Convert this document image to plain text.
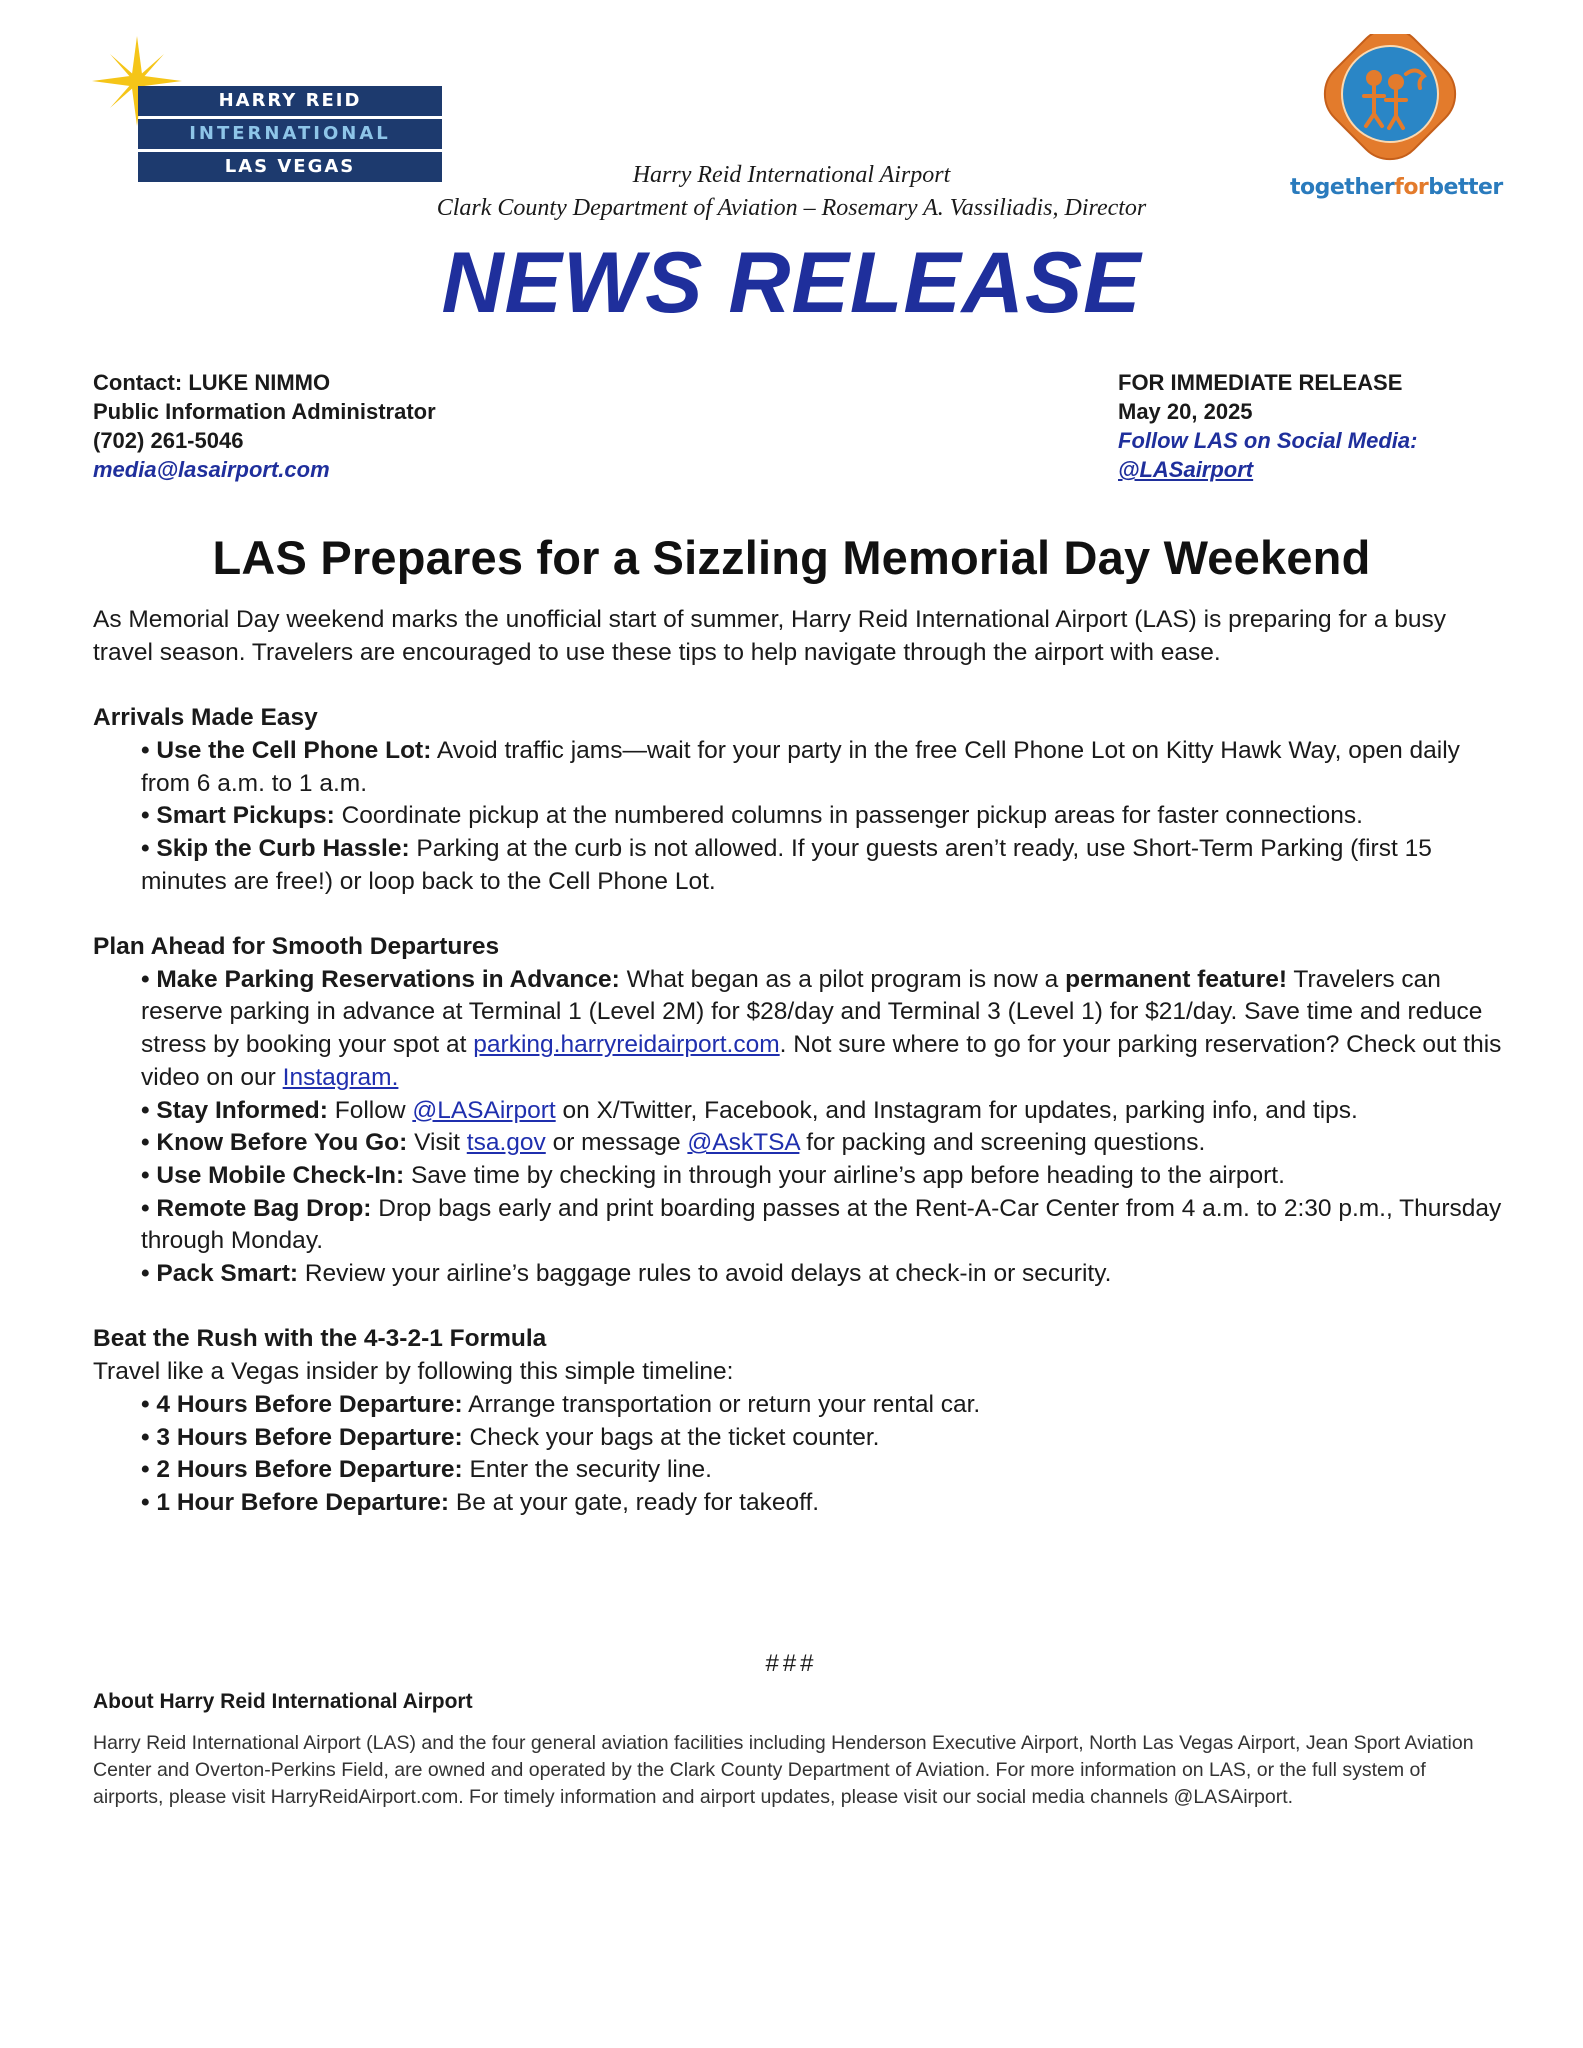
HARRY REID
INTERNATIONAL
LAS VEGAS
togetherforbetter
Harry Reid International Airport
Clark County Department of Aviation – Rosemary A. Vassiliadis, Director
NEWS RELEASE
Contact: LUKE NIMMO
Public Information Administrator
(702) 261-5046
media@lasairport.com
FOR IMMEDIATE RELEASE
May 20, 2025
Follow LAS on Social Media:
@LASairport
LAS Prepares for a Sizzling Memorial Day Weekend

As Memorial Day weekend marks the unofficial start of summer, Harry Reid International Airport (LAS) is preparing for a busy travel season. Travelers are encouraged to use these tips to help navigate through the airport with ease.

Arrivals Made Easy

• Use the Cell Phone Lot: Avoid traffic jams—wait for your party in the free Cell Phone Lot on Kitty Hawk Way, open daily from 6 a.m. to 1 a.m.

• Smart Pickups: Coordinate pickup at the numbered columns in passenger pickup areas for faster connections.

• Skip the Curb Hassle: Parking at the curb is not allowed. If your guests aren’t ready, use Short-Term Parking (first 15 minutes are free!) or loop back to the Cell Phone Lot.

Plan Ahead for Smooth Departures

• Make Parking Reservations in Advance: What began as a pilot program is now a permanent feature! Travelers can reserve parking in advance at Terminal 1 (Level 2M) for $28/day and Terminal 3 (Level 1) for $21/day. Save time and reduce stress by booking your spot at parking.harryreidairport.com. Not sure where to go for your parking reservation? Check out this video on our Instagram.

• Stay Informed: Follow @LASAirport on X/Twitter, Facebook, and Instagram for updates, parking info, and tips.

• Know Before You Go: Visit tsa.gov or message @AskTSA for packing and screening questions.

• Use Mobile Check-In: Save time by checking in through your airline’s app before heading to the airport.

• Remote Bag Drop: Drop bags early and print boarding passes at the Rent-A-Car Center from 4 a.m. to 2:30 p.m., Thursday through Monday.

• Pack Smart: Review your airline’s baggage rules to avoid delays at check-in or security.

Beat the Rush with the 4-3-2-1 Formula

Travel like a Vegas insider by following this simple timeline:

• 4 Hours Before Departure: Arrange transportation or return your rental car.

• 3 Hours Before Departure: Check your bags at the ticket counter.

• 2 Hours Before Departure: Enter the security line.

• 1 Hour Before Departure: Be at your gate, ready for takeoff.

###
About Harry Reid International Airport
Harry Reid International Airport (LAS) and the four general aviation facilities including Henderson Executive Airport, North Las Vegas Airport, Jean Sport Aviation Center and Overton-Perkins Field, are owned and operated by the Clark County Department of Aviation. For more information on LAS, or the full system of airports, please visit HarryReidAirport.com. For timely information and airport updates, please visit our social media channels @LASAirport.
